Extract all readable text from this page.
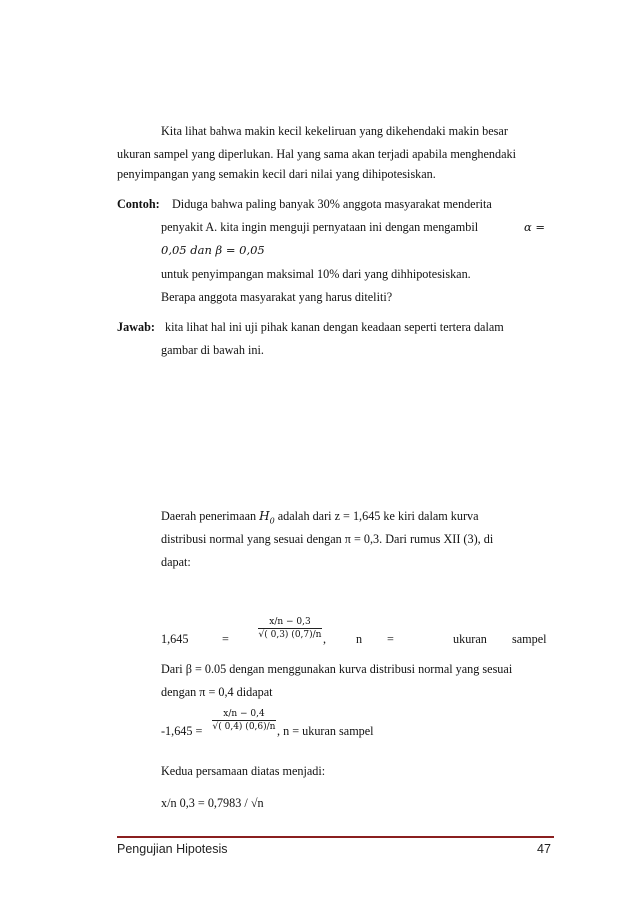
Kita lihat bahwa makin kecil kekeliruan yang dikehendaki makin besar
ukuran sampel yang diperlukan. Hal yang sama akan terjadi apabila menghendaki
penyimpangan yang semakin kecil dari nilai yang dihipotesiskan.
Contoh: Diduga bahwa paling banyak 30% anggota masyarakat menderita
penyakit A. kita ingin menguji pernyataan ini dengan mengambil	α =
0,05 dan β = 0,05
untuk penyimpangan maksimal 10% dari yang dihhipotesiskan.
Berapa anggota masyarakat yang harus diteliti?
Jawab: kita lihat hal ini uji pihak kanan dengan keadaan seperti tertera dalam
gambar di bawah ini.
Daerah penerimaan $H_0$ adalah dari z = 1,645 ke kiri dalam kurva
distribusi normal yang sesuai dengan π = 0,3. Dari rumus XII (3), di
dapat:
1,645	=
x/n − 0,3
√( 0,3) (0,7)/n , n =	ukuran sampel
Dari β = 0.05 dengan menggunakan kurva distribusi normal yang sesuai
dengan π = 0,4 didapat
-1,645 =
x/n − 0,4
√( 0,4) (0,6)/n , n = ukuran sampel
Kedua persamaan diatas menjadi:
x/n 0,3 = 0,7983 / √n
Pengujian Hipotesis	47
